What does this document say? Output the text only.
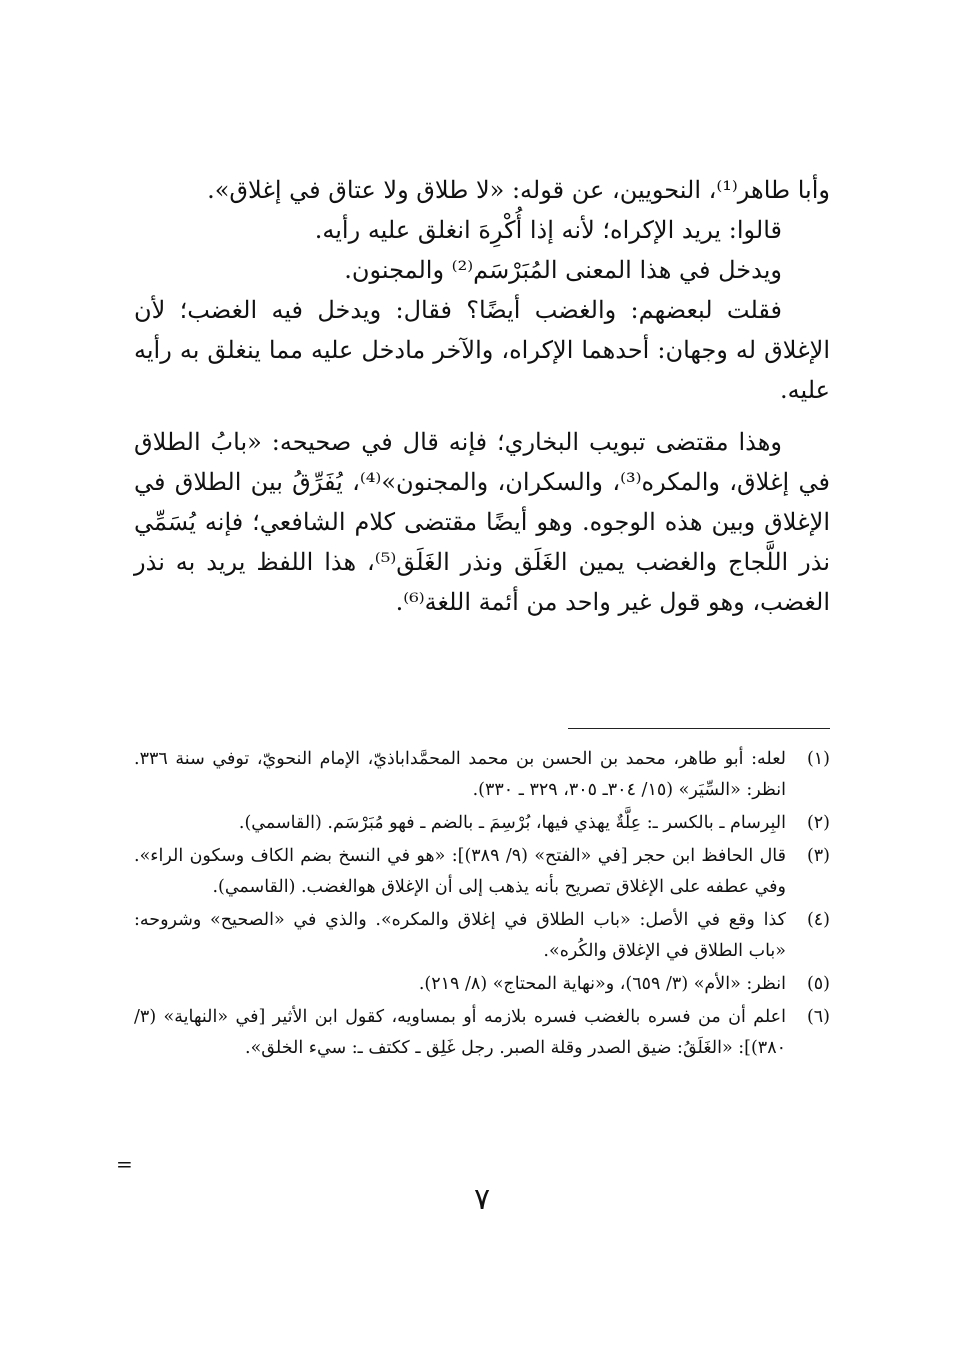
وأبا طاهر⁽¹⁾، النحويين، عن قوله: «لا طلاق ولا عتاق في إغلاق».

قالوا: يريد الإكراه؛ لأنه إذا أُكْرِهَ انغلق عليه رأيه.

ويدخل في هذا المعنى المُبَرْسَم⁽²⁾ والمجنون.

فقلت لبعضهم: والغضب أيضًا؟ فقال: ويدخل فيه الغضب؛ لأن الإغلاق له وجهان: أحدهما الإكراه، والآخر مادخل عليه مما ينغلق به رأيه عليه.

وهذا مقتضى تبويب البخاري؛ فإنه قال في صحيحه: «بابُ الطلاق في إغلاق، والمكره⁽³⁾، والسكران، والمجنون»⁽⁴⁾، يُفَرِّقُ بين الطلاق في الإغلاق وبين هذه الوجوه. وهو أيضًا مقتضى كلام الشافعي؛ فإنه يُسَمِّي نذر اللَّجاج والغضب يمين الغَلَق ونذر الغَلَق⁽⁵⁾، هذا اللفظ يريد به نذر الغضب، وهو قول غير واحد من أئمة اللغة⁽⁶⁾.

(١)
لعله: أبو طاهر، محمد بن الحسن بن محمد المحمَّداباذيّ، الإمام النحويّ، توفي سنة ٣٣٦. انظر: «السِّيَر» (١٥/ ٣٠٤ـ ٣٠٥، ٣٢٩ ـ ٣٣٠).
(٢)
البِرسام ـ بالكسر ـ: عِلَّةٌ يهذي فيها، بُرْسِمَ ـ بالضم ـ فهو مُبَرْسَم. (القاسمي).
(٣)
قال الحافظ ابن حجر [في «الفتح» (٩/ ٣٨٩)]: «هو في النسخ بضم الكاف وسكون الراء». وفي عطفه على الإغلاق تصريح بأنه يذهب إلى أن الإغلاق هوالغضب. (القاسمي).
(٤)
كذا وقع في الأصل: «باب الطلاق في إغلاق والمكره». والذي في «الصحيح» وشروحه: «باب الطلاق في الإغلاق والكُره».
(٥)
انظر: «الأم» (٣/ ٦٥٩)، و«نهاية المحتاج» (٨/ ٢١٩).
(٦)
اعلم أن من فسره بالغضب فسره بلازمه أو بمساويه، كقول ابن الأثير [في «النهاية» (٣/ ٣٨٠)]: «الغَلَقُ: ضيق الصدر وقلة الصبر. رجل غَلِق ـ ككتف ـ: سيء الخلق».
=
٧
